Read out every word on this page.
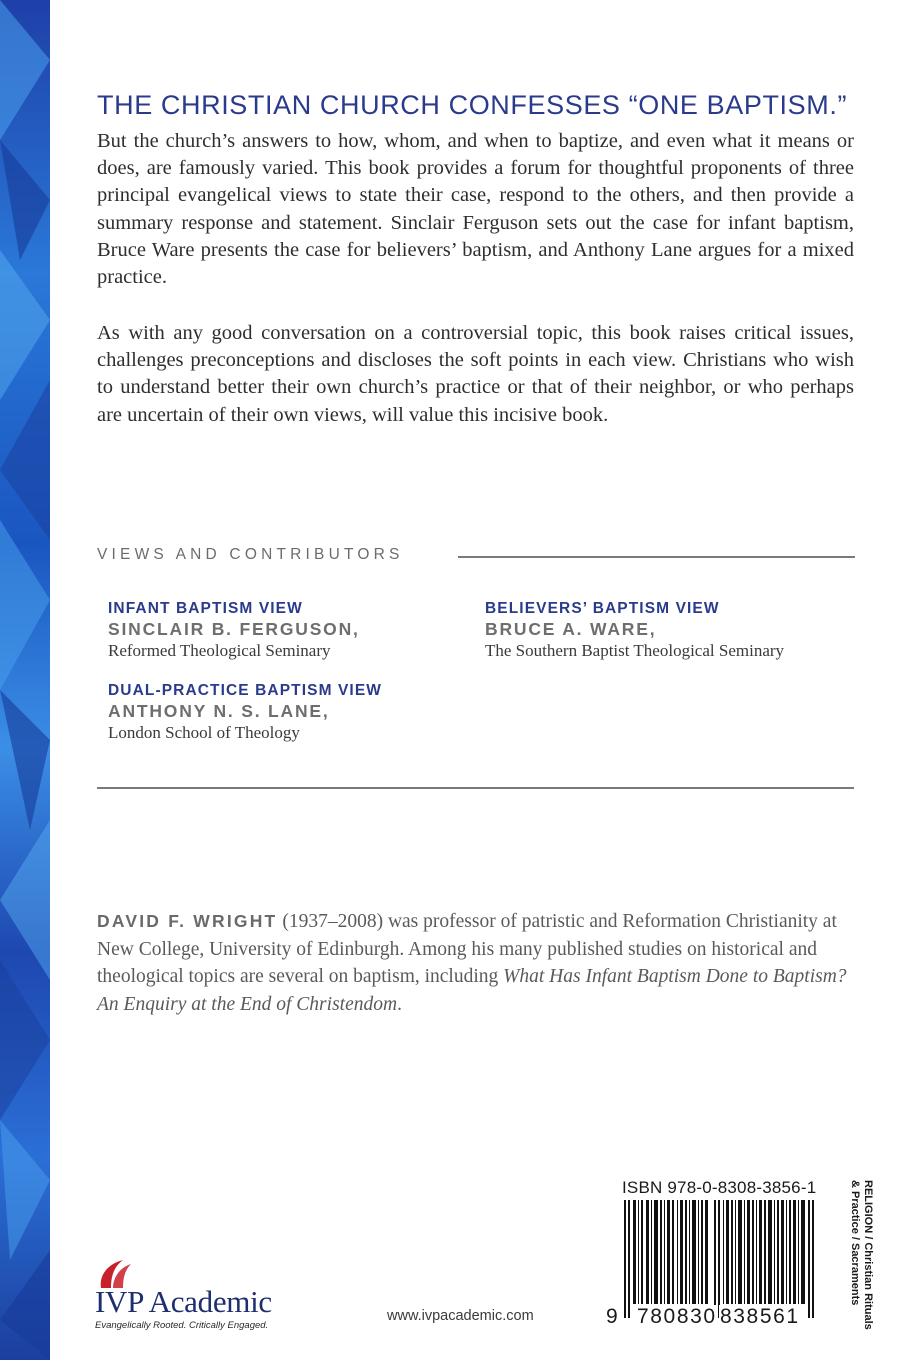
THE CHRISTIAN CHURCH CONFESSES “ONE BAPTISM.”

But the church’s answers to how, whom, and when to baptize, and even what it means or does, are famously varied. This book provides a forum for thoughtful proponents of three principal evangelical views to state their case, respond to the others, and then provide a summary response and statement. Sinclair Ferguson sets out the case for infant baptism, Bruce Ware presents the case for believers’ baptism, and Anthony Lane argues for a mixed practice.

As with any good conversation on a controversial topic, this book raises critical issues, challenges preconceptions and discloses the soft points in each view. Christians who wish to understand better their own church’s practice or that of their neighbor, or who perhaps are uncertain of their own views, will value this incisive book.

VIEWS AND CONTRIBUTORS
INFANT BAPTISM VIEW
SINCLAIR B. FERGUSON,
Reformed Theological Seminary
BELIEVERS’ BAPTISM VIEW
BRUCE A. WARE,
The Southern Baptist Theological Seminary
DUAL-PRACTICE BAPTISM VIEW
ANTHONY N. S. LANE,
London School of Theology

DAVID F. WRIGHT (1937–2008) was professor of patristic and Reformation Christianity at New College, University of Edinburgh. Among his many published studies on historical and theological topics are several on baptism, including What Has Infant Baptism Done to Baptism? An Enquiry at the End of Christendom.

IVP Academic
Evangelically Rooted. Critically Engaged.
www.ivpacademic.com
ISBN 978-0-8308-3856-1
9 780830 838561	RELIGION / Christian Rituals & Practice / Sacraments
